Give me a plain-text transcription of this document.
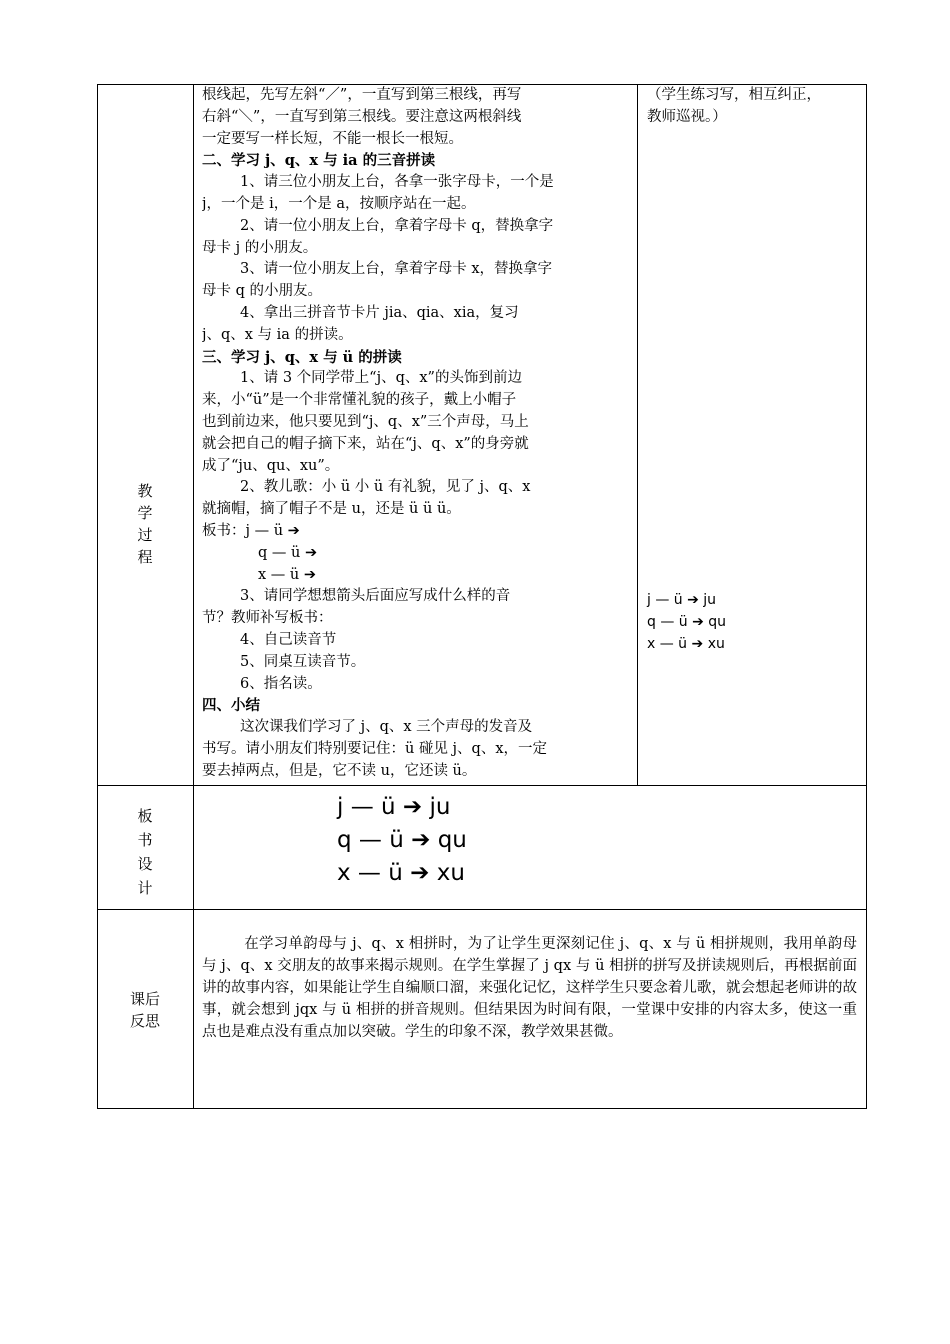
教
学
过
程
板
书
设
计
课后
反思
根线起，先写左斜“／”，一直写到第三根线，再写
右斜“＼”，一直写到第三根线。要注意这两根斜线
一定要写一样长短，不能一根长一根短。
二、学习 j、q、x 与 ia 的三音拼读
1、请三位小朋友上台，各拿一张字母卡，一个是
j，一个是 i，一个是 a，按顺序站在一起。
2、请一位小朋友上台，拿着字母卡 q，替换拿字
母卡 j 的小朋友。
3、请一位小朋友上台，拿着字母卡 x，替换拿字
母卡 q 的小朋友。
4、拿出三拼音节卡片 jia、qia、xia，复习
j、q、x 与 ia 的拼读。
三、学习 j、q、x 与 ü 的拼读
1、请 3 个同学带上“j、q、x”的头饰到前边
来，小“ü”是一个非常懂礼貌的孩子，戴上小帽子
也到前边来，他只要见到“j、q、x”三个声母，马上
就会把自己的帽子摘下来，站在“j、q、x”的身旁就
成了“ju、qu、xu”。
2、教儿歌：小 ü 小 ü 有礼貌，见了 j、q、x
就摘帽，摘了帽子不是 u，还是 ü ü ü。
板书：j — ü ➔
q — ü ➔
x — ü ➔
3、请同学想想箭头后面应写成什么样的音
节？教师补写板书：
4、自己读音节
5、同桌互读音节。
6、指名读。
四、小结
这次课我们学习了 j、q、x 三个声母的发音及
书写。请小朋友们特别要记住：ü 碰见 j、q、x，一定
要去掉两点，但是，它不读 u，它还读 ü。
（学生练习写，相互纠正，
教师巡视。）
j — ü ➔ ju
q — ü ➔ qu
x — ü ➔ xu
j — ü ➔ ju
q — ü ➔ qu
x — ü ➔ xu
在学习单韵母与 j、q、x 相拼时，为了让学生更深刻记住 j、q、x 与 ü 相拼规则，我用单韵母与 j、q、x 交朋友的故事来揭示规则。在学生掌握了 j qx 与 ü 相拼的拼写及拼读规则后，再根据前面讲的故事内容，如果能让学生自编顺口溜，来强化记忆，这样学生只要念着儿歌，就会想起老师讲的故事，就会想到 jqx 与 ü 相拼的拼音规则。但结果因为时间有限，一堂课中安排的内容太多，使这一重点也是难点没有重点加以突破。学生的印象不深，教学效果甚微。
